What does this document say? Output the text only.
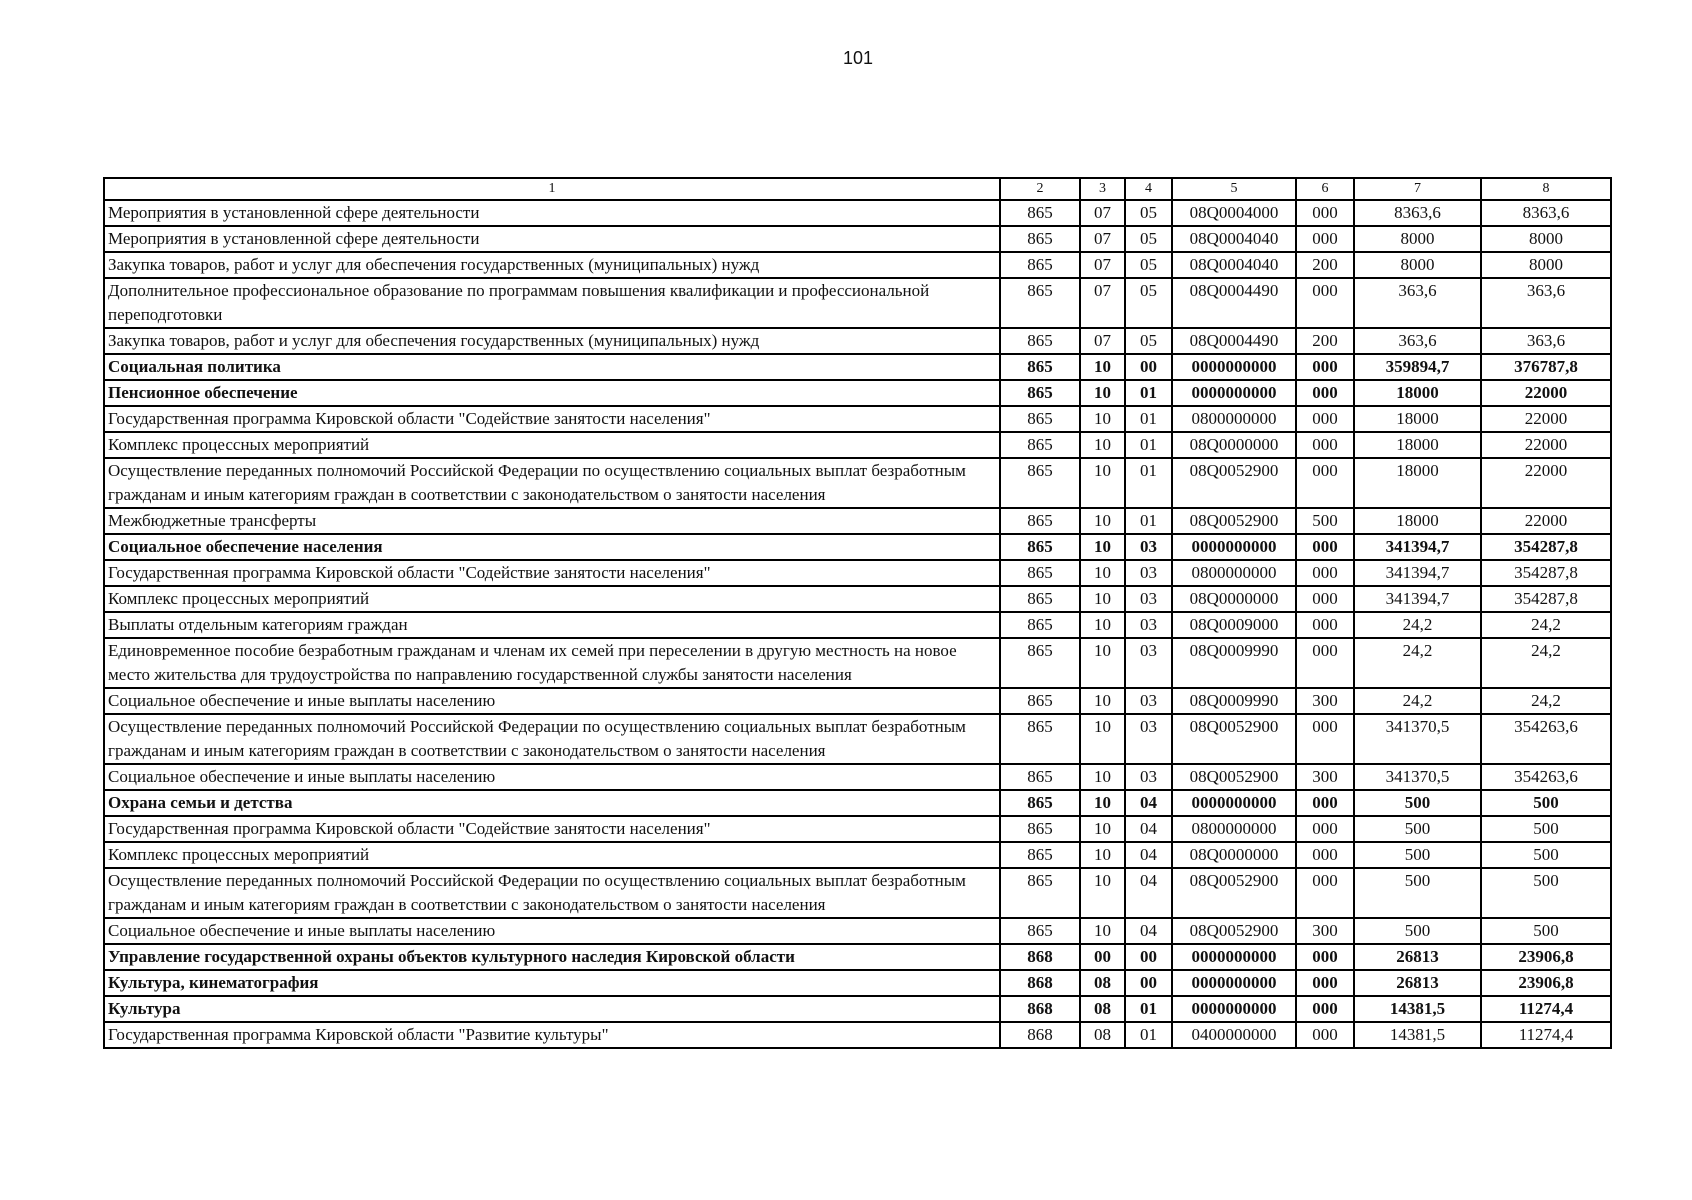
101
1	2	3	4	5	6	7	8
Мероприятия в установленной сфере деятельности	865	07	05	08Q0004000	000	8363,6	8363,6
Мероприятия в установленной сфере деятельности	865	07	05	08Q0004040	000	8000	8000
Закупка товаров, работ и услуг для обеспечения государственных (муниципальных) нужд	865	07	05	08Q0004040	200	8000	8000
Дополнительное профессиональное образование по программам повышения квалификации и профессиональной переподготовки	865	07	05	08Q0004490	000	363,6	363,6
Закупка товаров, работ и услуг для обеспечения государственных (муниципальных) нужд	865	07	05	08Q0004490	200	363,6	363,6
Социальная политика	865	10	00	0000000000	000	359894,7	376787,8
Пенсионное обеспечение	865	10	01	0000000000	000	18000	22000
Государственная программа Кировской области "Содействие занятости населения"	865	10	01	0800000000	000	18000	22000
Комплекс процессных мероприятий	865	10	01	08Q0000000	000	18000	22000
Осуществление переданных полномочий Российской Федерации по осуществлению социальных выплат безработным гражданам и иным категориям граждан в соответствии с законодательством о занятости населения	865	10	01	08Q0052900	000	18000	22000
Межбюджетные трансферты	865	10	01	08Q0052900	500	18000	22000
Социальное обеспечение населения	865	10	03	0000000000	000	341394,7	354287,8
Государственная программа Кировской области "Содействие занятости населения"	865	10	03	0800000000	000	341394,7	354287,8
Комплекс процессных мероприятий	865	10	03	08Q0000000	000	341394,7	354287,8
Выплаты отдельным категориям граждан	865	10	03	08Q0009000	000	24,2	24,2
Единовременное пособие безработным гражданам и членам их семей при переселении в другую местность на новое место жительства для трудоустройства по направлению государственной службы занятости населения	865	10	03	08Q0009990	000	24,2	24,2
Социальное обеспечение и иные выплаты населению	865	10	03	08Q0009990	300	24,2	24,2
Осуществление переданных полномочий Российской Федерации по осуществлению социальных выплат безработным гражданам и иным категориям граждан в соответствии с законодательством о занятости населения	865	10	03	08Q0052900	000	341370,5	354263,6
Социальное обеспечение и иные выплаты населению	865	10	03	08Q0052900	300	341370,5	354263,6
Охрана семьи и детства	865	10	04	0000000000	000	500	500
Государственная программа Кировской области "Содействие занятости населения"	865	10	04	0800000000	000	500	500
Комплекс процессных мероприятий	865	10	04	08Q0000000	000	500	500
Осуществление переданных полномочий Российской Федерации по осуществлению социальных выплат безработным гражданам и иным категориям граждан в соответствии с законодательством о занятости населения	865	10	04	08Q0052900	000	500	500
Социальное обеспечение и иные выплаты населению	865	10	04	08Q0052900	300	500	500
Управление государственной охраны объектов культурного наследия Кировской области	868	00	00	0000000000	000	26813	23906,8
Культура, кинематография	868	08	00	0000000000	000	26813	23906,8
Культура	868	08	01	0000000000	000	14381,5	11274,4
Государственная программа Кировской области "Развитие культуры"	868	08	01	0400000000	000	14381,5	11274,4
